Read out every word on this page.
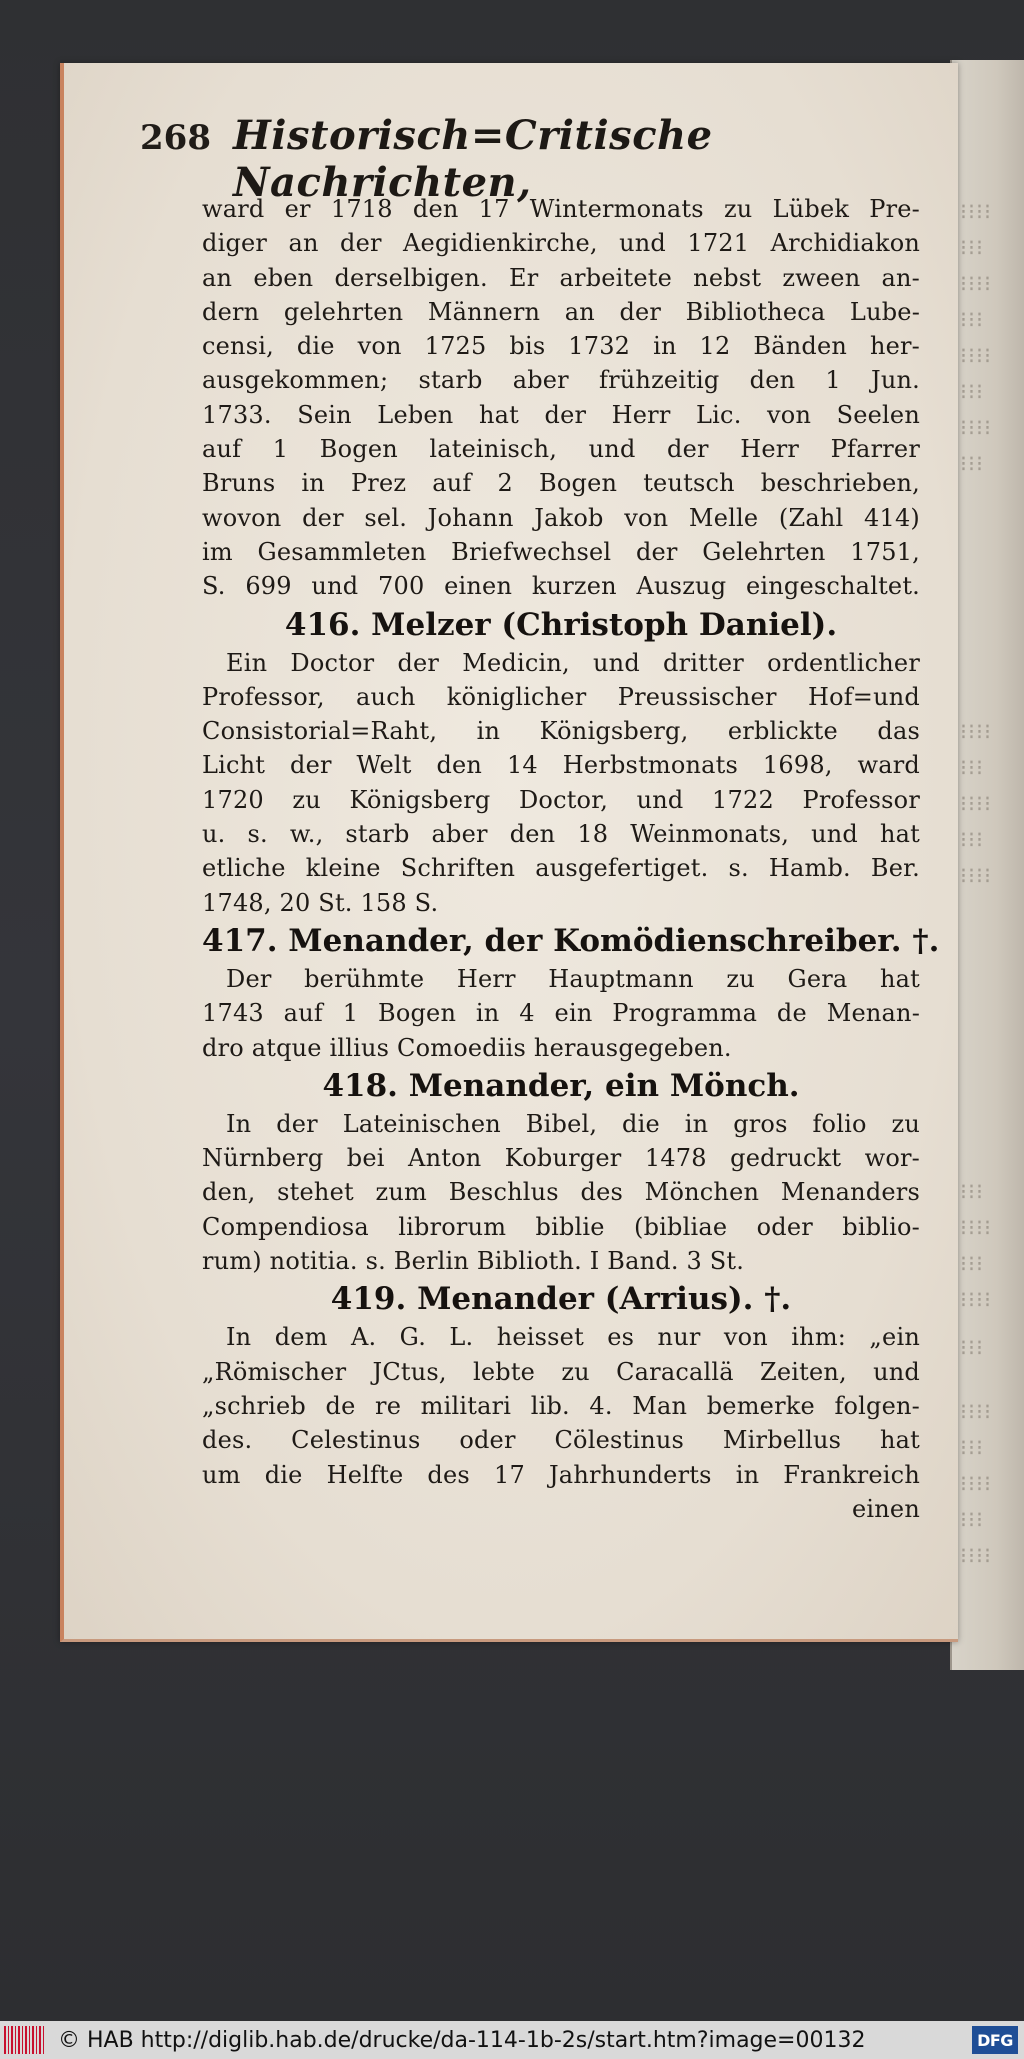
⁝⁝⁝⁝
⁝⁝⁝
⁝⁝⁝⁝
⁝⁝⁝
⁝⁝⁝⁝
⁝⁝⁝
⁝⁝⁝⁝
⁝⁝⁝
⁝⁝⁝⁝
⁝⁝⁝
⁝⁝⁝⁝
⁝⁝⁝
⁝⁝⁝⁝
⁝⁝⁝
⁝⁝⁝⁝
⁝⁝⁝
⁝⁝⁝⁝
⁝⁝⁝
⁝⁝⁝⁝
⁝⁝⁝
⁝⁝⁝⁝
⁝⁝⁝
⁝⁝⁝⁝
268 Historisch=Critische Nachrichten,
ward er 1718 den 17 Wintermonats zu Lübek Pre-
diger an der Aegidienkirche, und 1721 Archidiakon
an eben derselbigen. Er arbeitete nebst zween an-
dern gelehrten Männern an der Bibliotheca Lube-
censi, die von 1725 bis 1732 in 12 Bänden her-
ausgekommen; starb aber frühzeitig den 1 Jun.
1733. Sein Leben hat der Herr Lic. von Seelen
auf 1 Bogen lateinisch, und der Herr Pfarrer
Bruns in Prez auf 2 Bogen teutsch beschrieben,
wovon der sel. Johann Jakob von Melle (Zahl 414)
im Gesammleten Briefwechsel der Gelehrten 1751,
S. 699 und 700 einen kurzen Auszug eingeschaltet.
416. Melzer (Christoph Daniel).
Ein Doctor der Medicin, und dritter ordentlicher
Professor, auch königlicher Preussischer Hof=und
Consistorial=Raht, in Königsberg, erblickte das
Licht der Welt den 14 Herbstmonats 1698, ward
1720 zu Königsberg Doctor, und 1722 Professor
u. s. w., starb aber den 18 Weinmonats, und hat
etliche kleine Schriften ausgefertiget. s. Hamb. Ber.
1748, 20 St. 158 S.
417. Menander, der Komödienschreiber. †.
Der berühmte Herr Hauptmann zu Gera hat
1743 auf 1 Bogen in 4 ein Programma de Menan-
dro atque illius Comoediis herausgegeben.
418. Menander, ein Mönch.
In der Lateinischen Bibel, die in gros folio zu
Nürnberg bei Anton Koburger 1478 gedruckt wor-
den, stehet zum Beschlus des Mönchen Menanders
Compendiosa librorum biblie (bibliae oder biblio-
rum) notitia. s. Berlin Biblioth. I Band. 3 St.
419. Menander (Arrius). †.
In dem A. G. L. heisset es nur von ihm: „ein
„Römischer JCtus, lebte zu Caracallä Zeiten, und
„schrieb de re militari lib. 4. Man bemerke folgen-
des. Celestinus oder Cölestinus Mirbellus hat
um die Helfte des 17 Jahrhunderts in Frankreich
einen
© HAB http://diglib.hab.de/drucke/da-114-1b-2s/start.htm?image=00132	DFG
